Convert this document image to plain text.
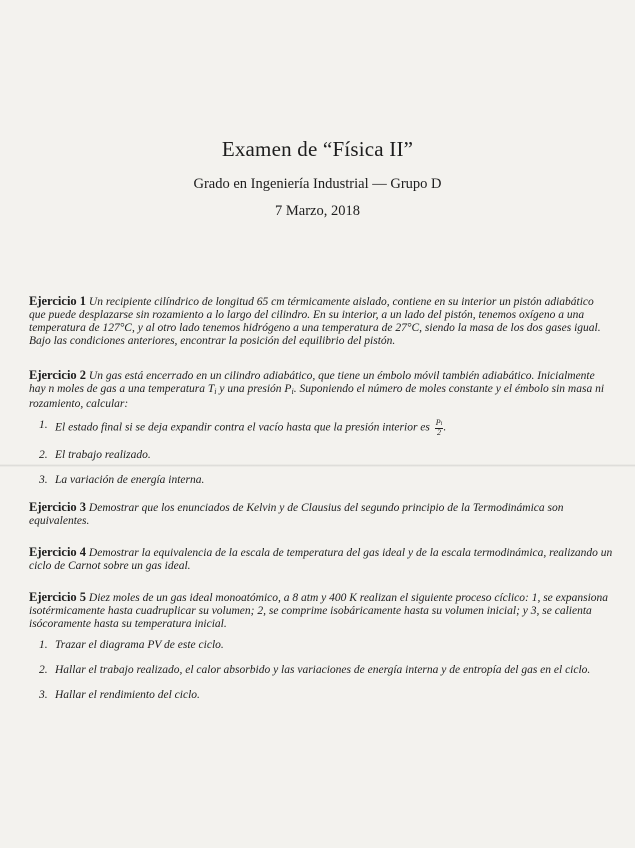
Examen de “Física II”
Grado en Ingeniería Industrial — Grupo D
7 Marzo, 2018
Ejercicio 1 Un recipiente cilíndrico de longitud 65 cm térmicamente aislado, contiene en su interior un pistón adiabático que puede desplazarse sin rozamiento a lo largo del cilindro. En su interior, a un lado del pistón, tenemos oxígeno a una temperatura de 127°C, y al otro lado tenemos hidrógeno a una temperatura de 27°C, siendo la masa de los dos gases igual. Bajo las condiciones anteriores, encontrar la posición del equilibrio del pistón.
Ejercicio 2 Un gas está encerrado en un cilindro adiabático, que tiene un émbolo móvil también adiabático. Inicialmente hay n moles de gas a una temperatura $T_i$ y una presión $P_i$. Suponiendo el número de moles constante y el émbolo sin masa ni rozamiento, calcular:
1. El estado final si se deja expandir contra el vacío hasta que la presión interior es $\frac{Pi}{2}$ .
2. El trabajo realizado.
3. La variación de energía interna.
Ejercicio 3 Demostrar que los enunciados de Kelvin y de Clausius del segundo principio de la Termodinámica son equivalentes.
Ejercicio 4 Demostrar la equivalencia de la escala de temperatura del gas ideal y de la escala termodinámica, realizando un ciclo de Carnot sobre un gas ideal.
Ejercicio 5 Diez moles de un gas ideal monoatómico, a 8 atm y 400 K realizan el siguiente proceso cíclico: 1, se expansiona isotérmicamente hasta cuadruplicar su volumen; 2, se comprime isobáricamente hasta su volumen inicial; y 3, se calienta isócoramente hasta su temperatura inicial.
1. Trazar el diagrama PV de este ciclo.
2. Hallar el trabajo realizado, el calor absorbido y las variaciones de energía interna y de entropía del gas en el ciclo.
3. Hallar el rendimiento del ciclo.
